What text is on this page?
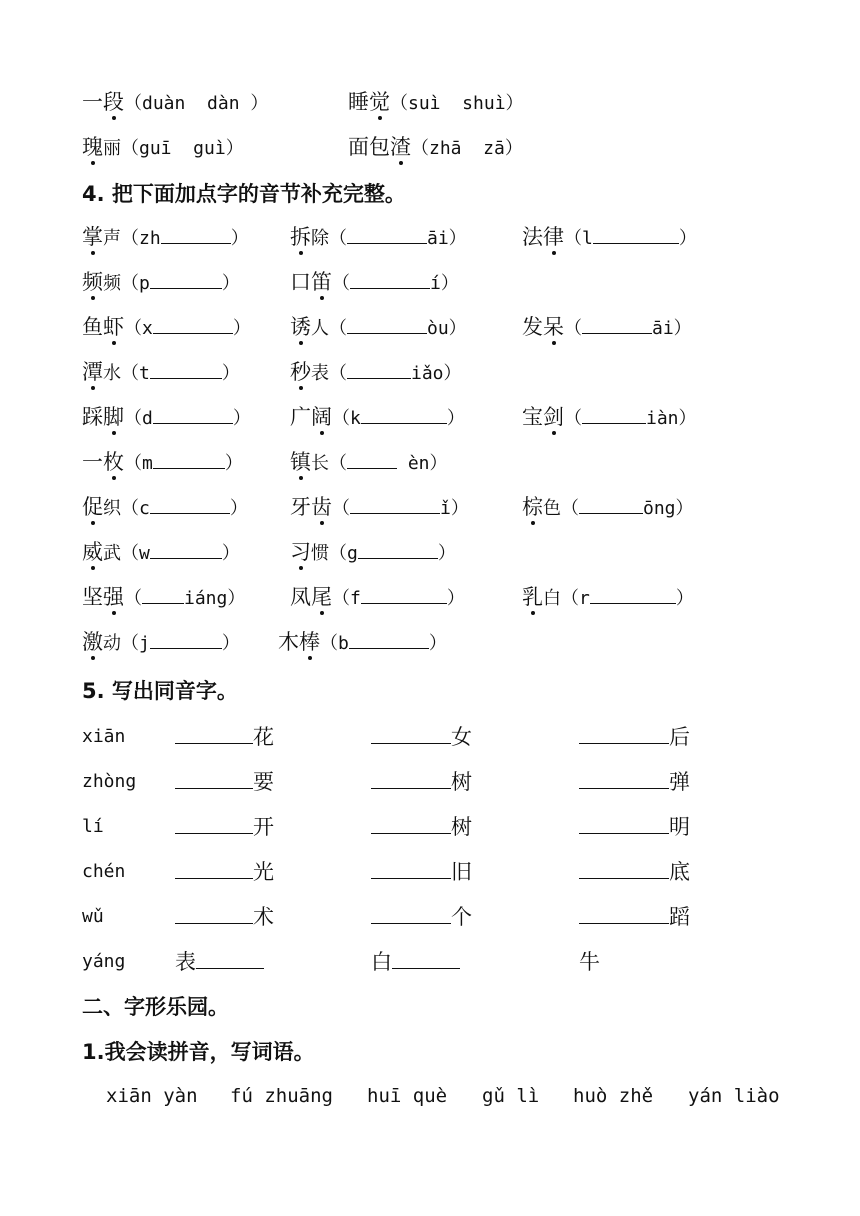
一段（duàn  dàn ）	睡觉（suì  shuì）
瑰丽（guī  guì）	面包渣（zhā  zā）
4. 把下面加点字的音节补充完整。
掌声（zh	） 拆除（	āi）	法律（l	）
频频（p	） 口笛（	í）
鱼虾（x	） 诱人（	òu）	发呆（	āi）
潭水（t	） 秒表（	iǎo）
踩脚（d	） 广阔（k	）	宝剑（	iàn）
一枚（m	） 镇长（	èn）
促织（c	） 牙齿（	ǐ）	棕色（	ōng）
威武（w	） 习惯（g	）
坚强（ iáng） 凤尾（f	）	乳白（r	）
激动（j	） 木棒（b	）
5. 写出同音字。
xiān	花	女	后
zhòng	要	树	弹
lí	开	树	明
chén	光	旧	底
wǔ	术	个	蹈
yáng 表	白	牛
二、字形乐园。
1.我会读拼音，写词语。
xiān yàn fú zhuāng huī què gǔ lì huò zhě yán liào
